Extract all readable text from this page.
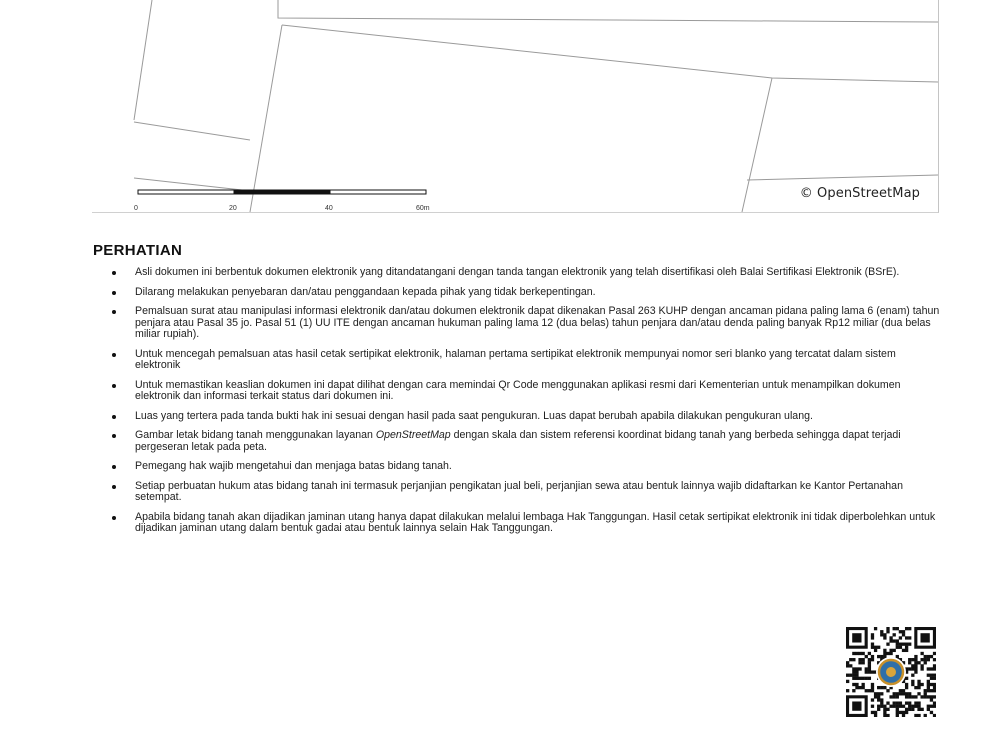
0	20	40	60m
© OpenStreetMap
PERHATIAN
Asli dokumen ini berbentuk dokumen elektronik yang ditandatangani dengan tanda tangan elektronik yang telah disertifikasi oleh Balai Sertifikasi Elektronik (BSrE).
Dilarang melakukan penyebaran dan/atau penggandaan kepada pihak yang tidak berkepentingan.
Pemalsuan surat atau manipulasi informasi elektronik dan/atau dokumen elektronik dapat dikenakan Pasal 263 KUHP dengan ancaman pidana paling lama 6 (enam) tahun penjara atau Pasal 35 jo. Pasal 51 (1) UU ITE dengan ancaman hukuman paling lama 12 (dua belas) tahun penjara dan/atau denda paling banyak Rp12 miliar (dua belas miliar rupiah).
Untuk mencegah pemalsuan atas hasil cetak sertipikat elektronik, halaman pertama sertipikat elektronik mempunyai nomor seri blanko yang tercatat dalam sistem elektronik
Untuk memastikan keaslian dokumen ini dapat dilihat dengan cara memindai Qr Code menggunakan aplikasi resmi dari Kementerian untuk menampilkan dokumen elektronik dan informasi terkait status dari dokumen ini.
Luas yang tertera pada tanda bukti hak ini sesuai dengan hasil pada saat pengukuran. Luas dapat berubah apabila dilakukan pengukuran ulang.
Gambar letak bidang tanah menggunakan layanan OpenStreetMap dengan skala dan sistem referensi koordinat bidang tanah yang berbeda sehingga dapat terjadi pergeseran letak pada peta.
Pemegang hak wajib mengetahui dan menjaga batas bidang tanah.
Setiap perbuatan hukum atas bidang tanah ini termasuk perjanjian pengikatan jual beli, perjanjian sewa atau bentuk lainnya wajib didaftarkan ke Kantor Pertanahan setempat.
Apabila bidang tanah akan dijadikan jaminan utang hanya dapat dilakukan melalui lembaga Hak Tanggungan. Hasil cetak sertipikat elektronik ini tidak diperbolehkan untuk dijadikan jaminan utang dalam bentuk gadai atau bentuk lainnya selain Hak Tanggungan.
